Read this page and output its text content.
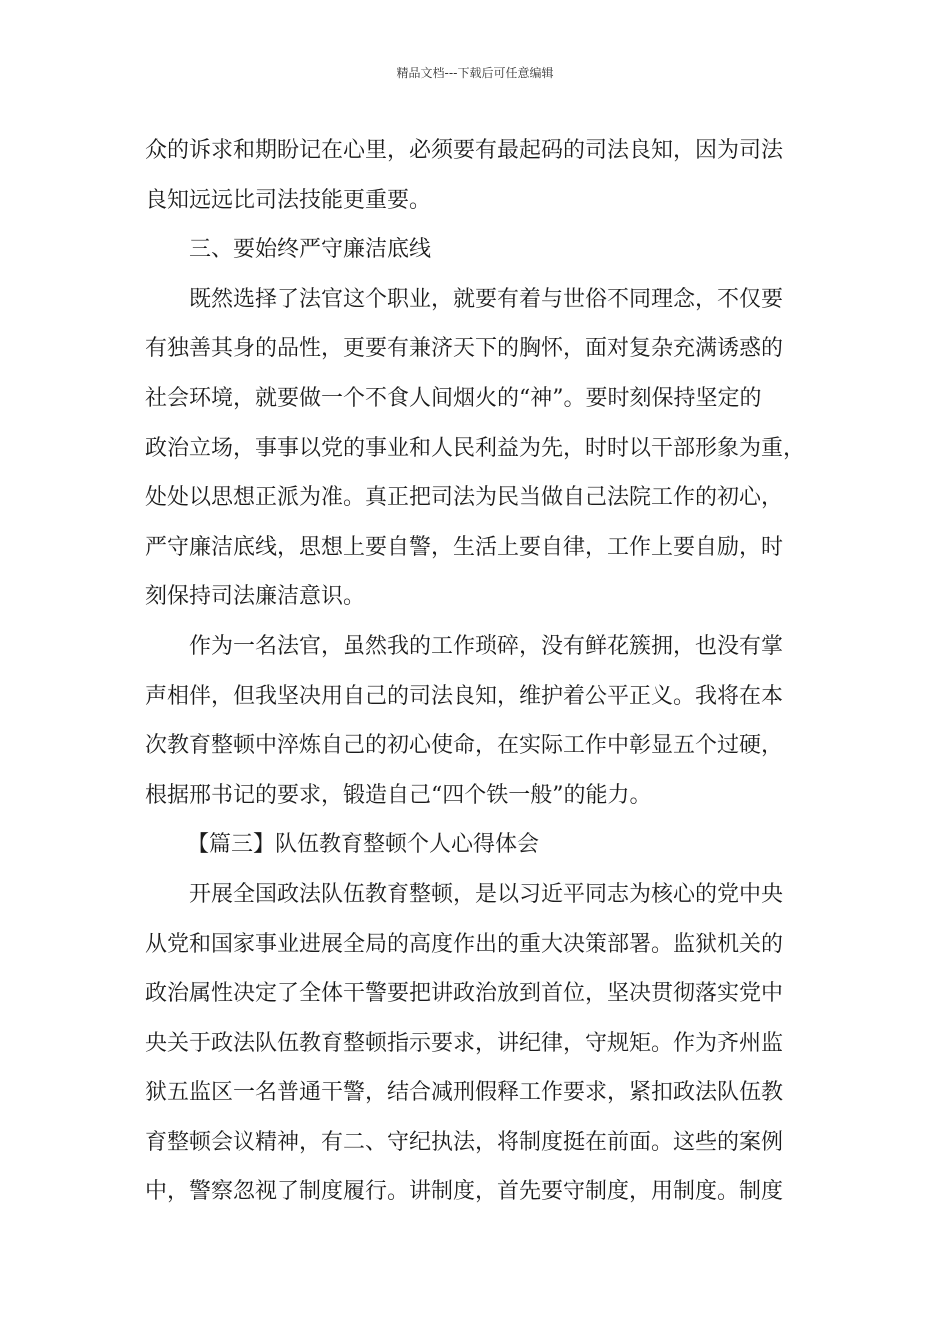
精品文档---下载后可任意编辑
众的诉求和期盼记在心里，必须要有最起码的司法良知，因为司法
良知远远比司法技能更重要。
三、要始终严守廉洁底线
既然选择了法官这个职业，就要有着与世俗不同理念，不仅要
有独善其身的品性，更要有兼济天下的胸怀，面对复杂充满诱惑的
社会环境，就要做一个不食人间烟火的“神”。要时刻保持坚定的
政治立场，事事以党的事业和人民利益为先，时时以干部形象为重，
处处以思想正派为准。真正把司法为民当做自己法院工作的初心，
严守廉洁底线，思想上要自警，生活上要自律，工作上要自励，时
刻保持司法廉洁意识。
作为一名法官，虽然我的工作琐碎，没有鲜花簇拥，也没有掌
声相伴，但我坚决用自己的司法良知，维护着公平正义。我将在本
次教育整顿中淬炼自己的初心使命，在实际工作中彰显五个过硬，
根据邢书记的要求，锻造自己“四个铁一般”的能力。
【篇三】队伍教育整顿个人心得体会
开展全国政法队伍教育整顿，是以习近平同志为核心的党中央
从党和国家事业进展全局的高度作出的重大决策部署。监狱机关的
政治属性决定了全体干警要把讲政治放到首位，坚决贯彻落实党中
央关于政法队伍教育整顿指示要求，讲纪律，守规矩。作为齐州监
狱五监区一名普通干警，结合减刑假释工作要求，紧扣政法队伍教
育整顿会议精神，有二、守纪执法，将制度挺在前面。这些的案例
中，警察忽视了制度履行。讲制度，首先要守制度，用制度。制度
